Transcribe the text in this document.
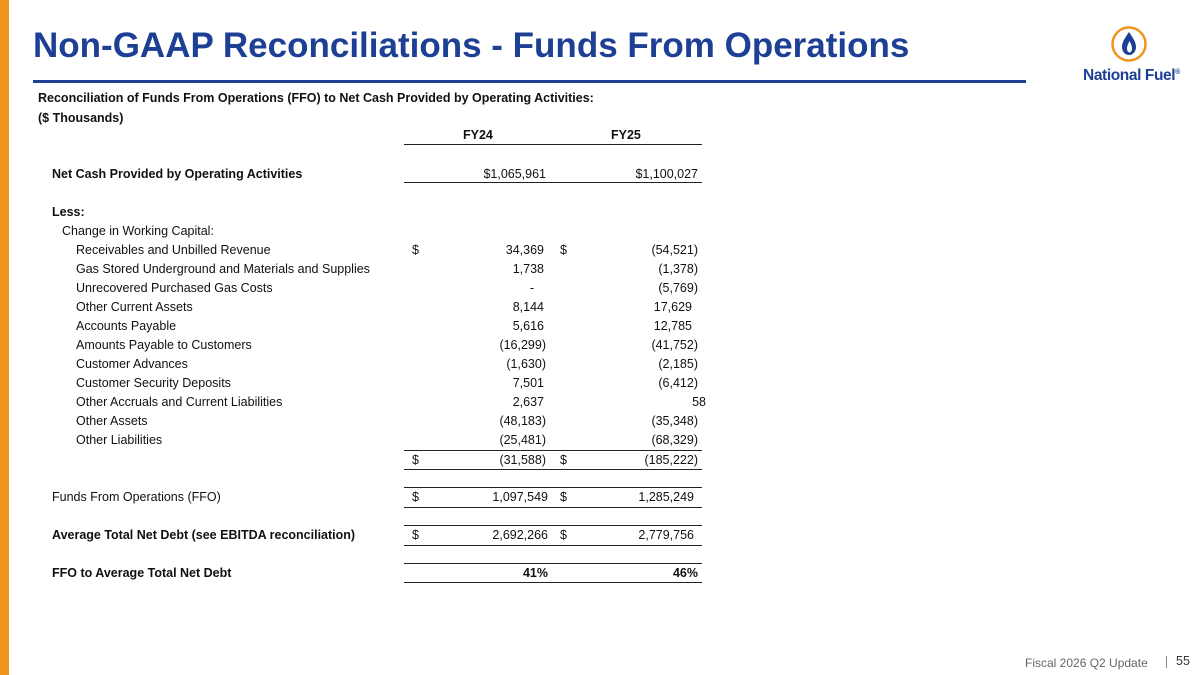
Non-GAAP Reconciliations - Funds From Operations
National Fuel®
Reconciliation of Funds From Operations (FFO) to Net Cash Provided by Operating Activities:
($ Thousands)
FY24	FY25
Net Cash Provided by Operating Activities	$1,065,961	$1,100,027
Less:
Change in Working Capital:
Receivables and Unbilled Revenue	$	34,369 $	(54,521)
Gas Stored Underground and Materials and Supplies	1,738	(1,378)
Unrecovered Purchased Gas Costs	-	(5,769)
Other Current Assets	8,144	17,629
Accounts Payable	5,616	12,785
Amounts Payable to Customers	(16,299)	(41,752)
Customer Advances	(1,630)	(2,185)
Customer Security Deposits	7,501	(6,412)
Other Accruals and Current Liabilities	2,637	58
Other Assets	(48,183)	(35,348)
Other Liabilities	(25,481)	(68,329)
$	(31,588) $	(185,222)
Funds From Operations (FFO)	$	1,097,549 $	1,285,249
Average Total Net Debt (see EBITDA reconciliation)	$	2,692,266 $	2,779,756
FFO to Average Total Net Debt	41%	46%
Fiscal 2026 Q2 Update 55
